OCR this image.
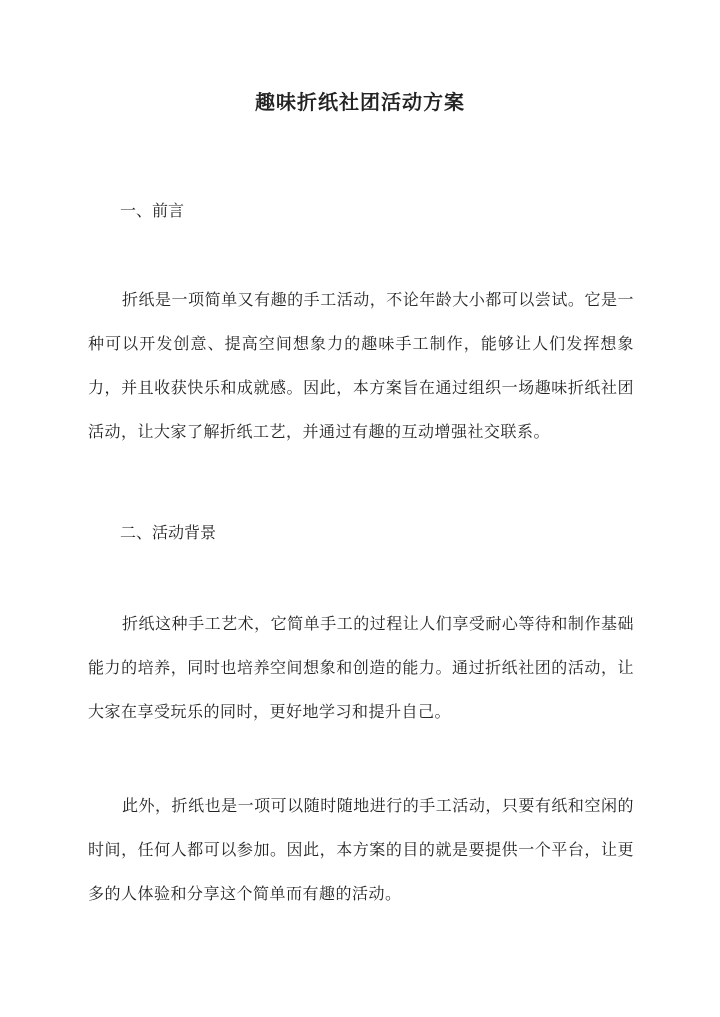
趣味折纸社团活动方案
一、前言
折纸是一项简单又有趣的手工活动，不论年龄大小都可以尝试。它是一种可以开发创意、提高空间想象力的趣味手工制作，能够让人们发挥想象力，并且收获快乐和成就感。因此，本方案旨在通过组织一场趣味折纸社团活动，让大家了解折纸工艺，并通过有趣的互动增强社交联系。
二、活动背景
折纸这种手工艺术，它简单手工的过程让人们享受耐心等待和制作基础能力的培养，同时也培养空间想象和创造的能力。通过折纸社团的活动，让大家在享受玩乐的同时，更好地学习和提升自己。
此外，折纸也是一项可以随时随地进行的手工活动，只要有纸和空闲的时间，任何人都可以参加。因此，本方案的目的就是要提供一个平台，让更多的人体验和分享这个简单而有趣的活动。
